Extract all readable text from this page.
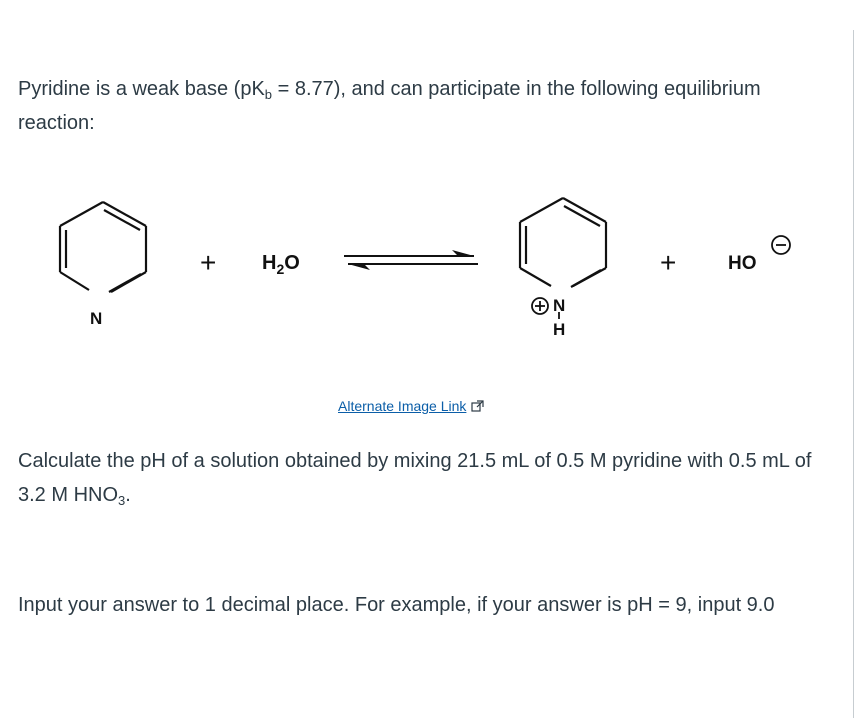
Pyridine is a weak base $(pK_b = 8.77)$, and can participate in the following equilibrium reaction:

N
+ $H_2O$
N
H
+	HO
Alternate Image Link

Calculate the pH of a solution obtained by mixing 21.5 mL of 0.5 M pyridine with 0.5 mL of 3.2 M $HNO_3$.

Input your answer to 1 decimal place. For example, if your answer is pH = 9, input 9.0
